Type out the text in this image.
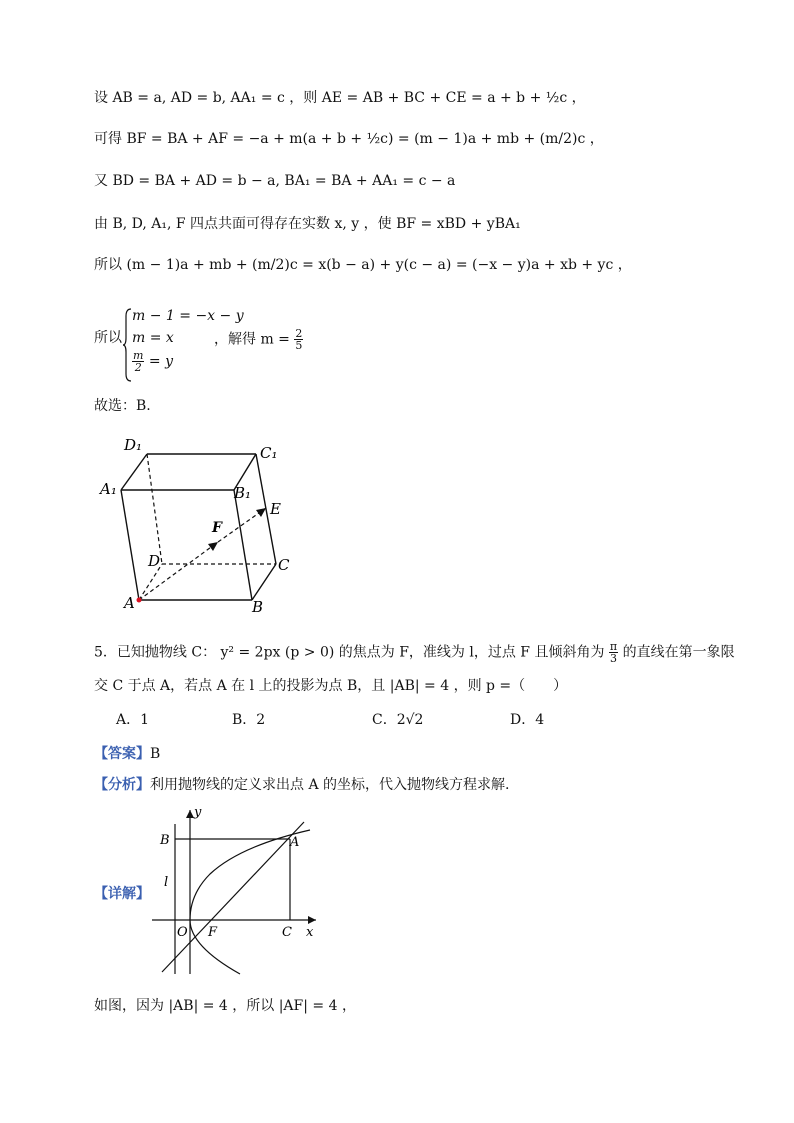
设 AB = a, AD = b, AA₁ = c ，则 AE = AB + BC + CE = a + b + ½c ，
可得 BF = BA + AF = −a + m(a + b + ½c) = (m − 1)a + mb + (m/2)c ，
又 BD = BA + AD = b − a, BA₁ = BA + AA₁ = c − a
由 B, D, A₁, F 四点共面可得存在实数 x, y ，使 BF = xBD + yBA₁
所以 (m − 1)a + mb + (m/2)c = x(b − a) + y(c − a) = (−x − y)a + xb + yc ，
所以
m − 1 = −x − y
m = x
$\frac{m}{2} = y$
，解得 $m = \frac{2}{5}$
故选：B.
D₁	C₁
A₁	B₁
E
F
D	C
A	B
5．已知抛物线 C： y² = 2px (p > 0) 的焦点为 F，准线为 l，过点 F 且倾斜角为 $\frac{\pi}{3}$ 的直线在第一象限
交 C 于点 A，若点 A 在 l 上的投影为点 B，且 |AB| = 4 ，则 p =（　　）
A．1	B．2	C．2√2	D．4
【答案】B
【分析】利用抛物线的定义求出点 A 的坐标，代入抛物线方程求解.
【详解】
y
B	A
l
O F	C x
如图，因为 |AB| = 4 ，所以 |AF| = 4 ，
